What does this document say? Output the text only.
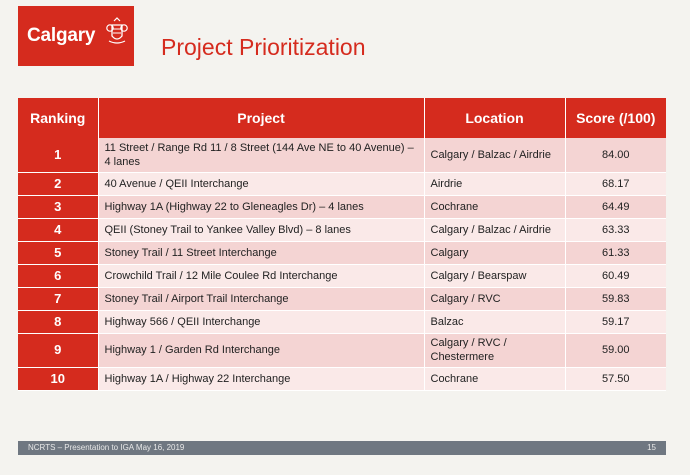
Calgary	Project Prioritization
Ranking	Project	Location	Score (/100)
1	11 Street / Range Rd 11 / 8 Street (144 Ave NE to 40 Avenue) – 4 lanes	Calgary / Balzac / Airdrie	84.00
2	40 Avenue / QEII Interchange	Airdrie	68.17
3	Highway 1A (Highway 22 to Gleneagles Dr) – 4 lanes	Cochrane	64.49
4	QEII (Stoney Trail to Yankee Valley Blvd) – 8 lanes	Calgary / Balzac / Airdrie	63.33
5	Stoney Trail / 11 Street Interchange	Calgary	61.33
6	Crowchild Trail / 12 Mile Coulee Rd Interchange	Calgary / Bearspaw	60.49
7	Stoney Trail / Airport Trail Interchange	Calgary / RVC	59.83
8	Highway 566 / QEII Interchange	Balzac	59.17
9	Highway 1 / Garden Rd Interchange	Calgary / RVC / Chestermere	59.00
10	Highway 1A / Highway 22 Interchange	Cochrane	57.50
NCRTS – Presentation to IGA May 16, 2019	15
